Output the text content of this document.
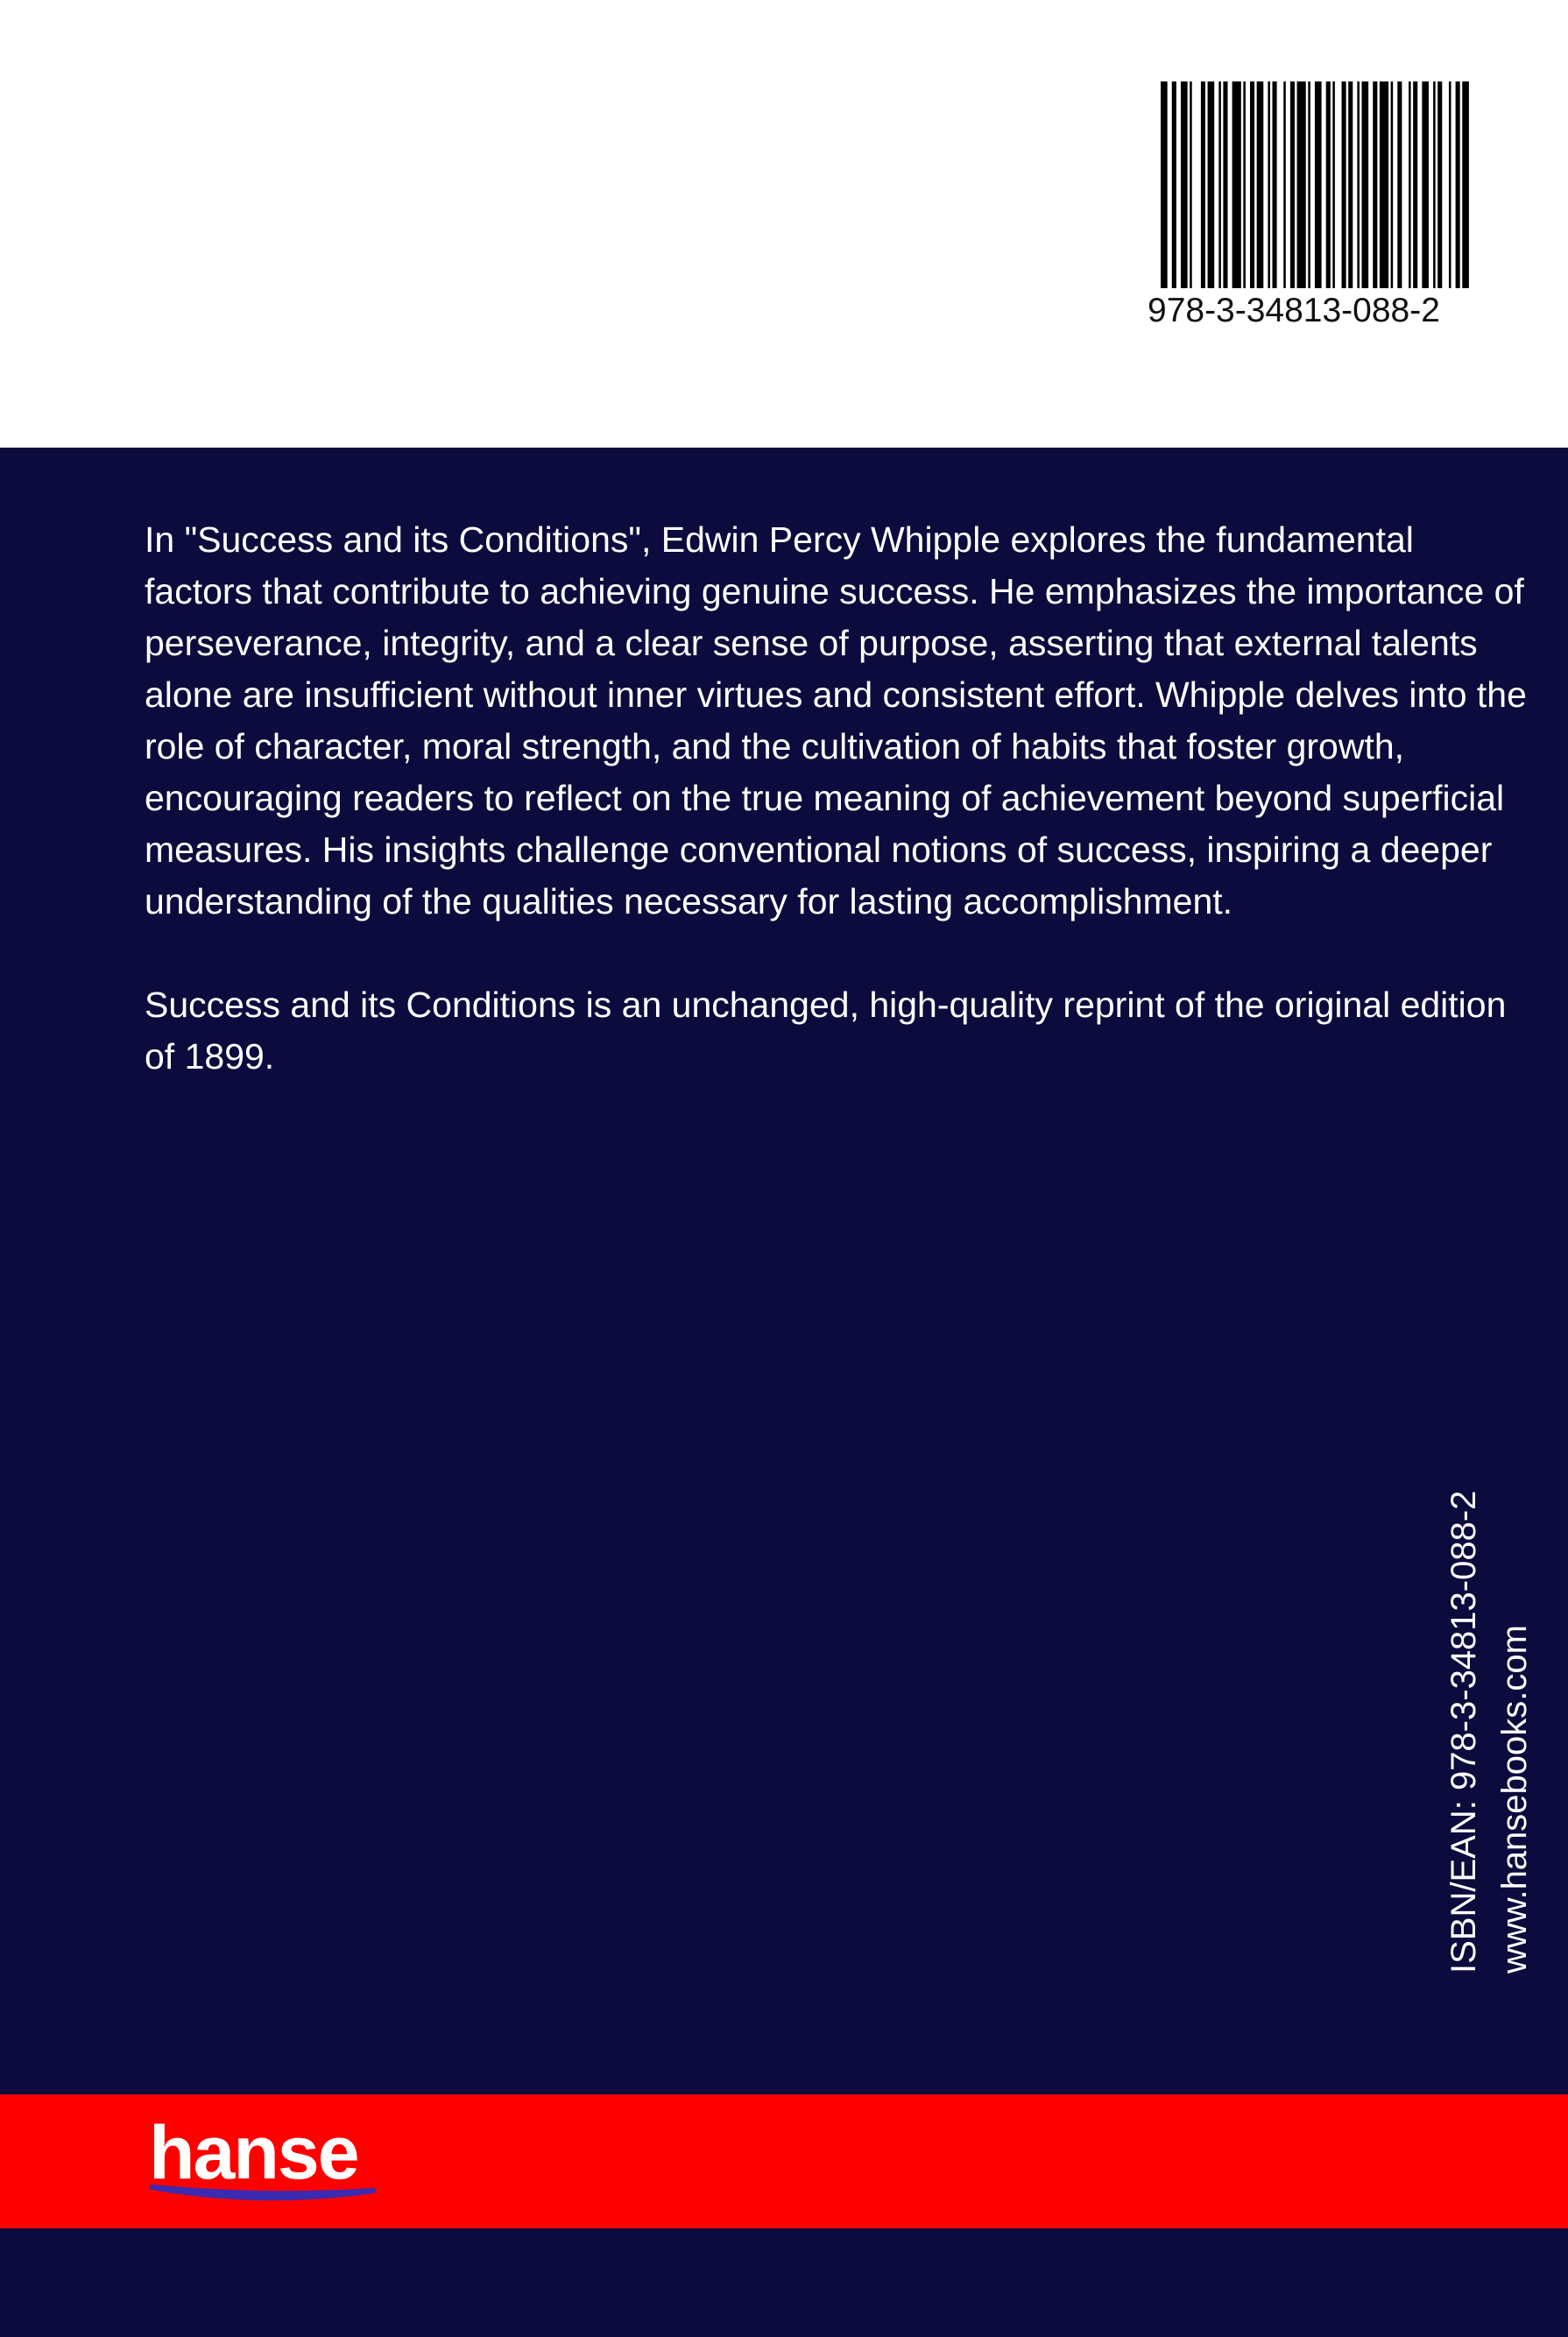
978-3-34813-088-2

In "Success and its Conditions", Edwin Percy Whipple explores the fundamental factors that contribute to achieving genuine success. He emphasizes the importance of perseverance, integrity, and a clear sense of purpose, asserting that external talents alone are insufficient without inner virtues and consistent effort. Whipple delves into the role of character, moral strength, and the cultivation of habits that foster growth, encouraging readers to reflect on the true meaning of achievement beyond superficial measures. His insights challenge conventional notions of success, inspiring a deeper understanding of the qualities necessary for lasting accomplishment.

Success and its Conditions is an unchanged, high-quality reprint of the original edition of 1899.

ISBN/EAN: 978-3-34813-088-2 www.hansebooks.com
hanse
